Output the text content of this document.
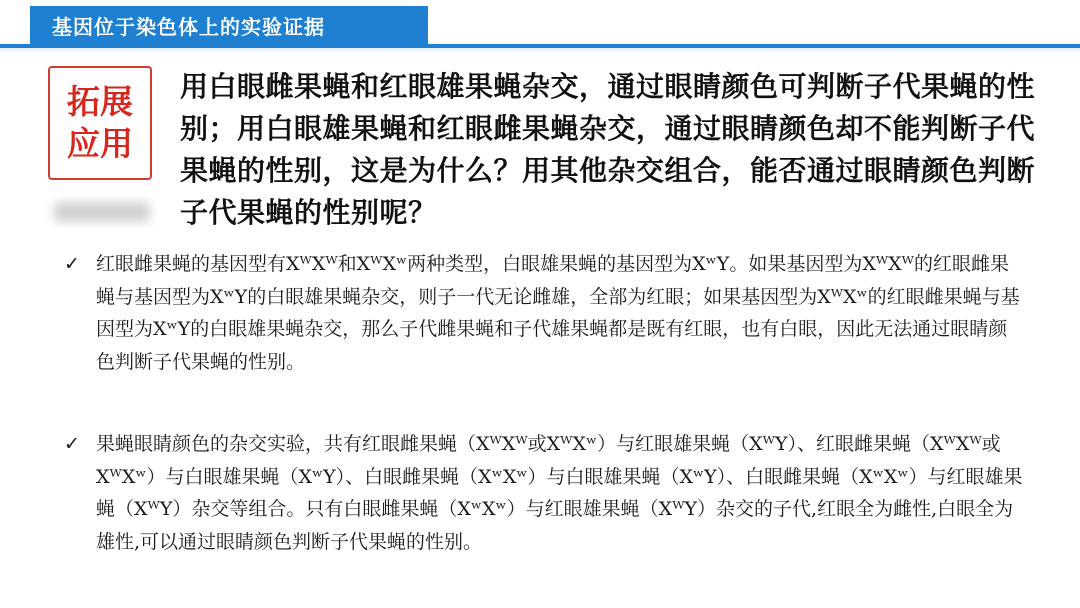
基因位于染色体上的实验证据
拓展
应用
用白眼雌果蝇和红眼雄果蝇杂交，通过眼睛颜色可判断子代果蝇的性别；用白眼雄果蝇和红眼雌果蝇杂交，通过眼睛颜色却不能判断子代果蝇的性别，这是为什么？用其他杂交组合，能否通过眼睛颜色判断子代果蝇的性别呢？
✓ 红眼雌果蝇的基因型有XᵂXᵂ和XᵂXʷ两种类型，白眼雄果蝇的基因型为XʷY。如果基因型为XᵂXᵂ的红眼雌果蝇与基因型为XʷY的白眼雄果蝇杂交，则子一代无论雌雄，全部为红眼；如果基因型为XᵂXʷ的红眼雌果蝇与基因型为XʷY的白眼雄果蝇杂交，那么子代雌果蝇和子代雄果蝇都是既有红眼，也有白眼，因此无法通过眼睛颜色判断子代果蝇的性别。
✓ 果蝇眼睛颜色的杂交实验，共有红眼雌果蝇（XᵂXᵂ或XᵂXʷ）与红眼雄果蝇（XᵂY）、红眼雌果蝇（XᵂXᵂ或XᵂXʷ）与白眼雄果蝇（XʷY）、白眼雌果蝇（XʷXʷ）与白眼雄果蝇（XʷY）、白眼雌果蝇（XʷXʷ）与红眼雄果蝇（XᵂY）杂交等组合。只有白眼雌果蝇（XʷXʷ）与红眼雄果蝇（XᵂY）杂交的子代,红眼全为雌性,白眼全为雄性,可以通过眼睛颜色判断子代果蝇的性别。
